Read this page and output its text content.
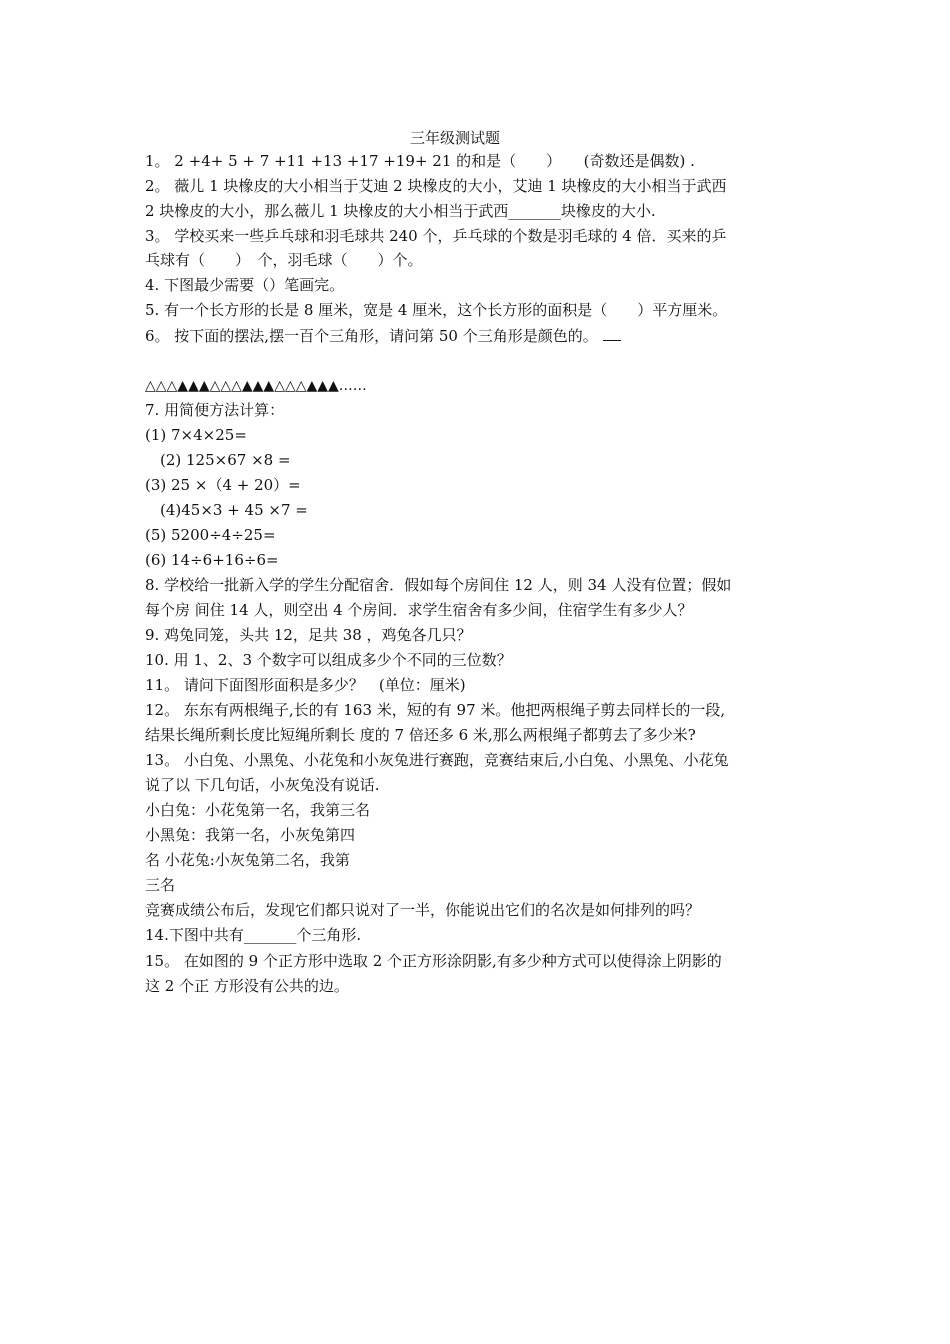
三年级测试题
1。 2 +4+ 5 + 7 +11 +13 +17 +19+ 21 的和是（　　）　　(奇数还是偶数) .
2。 薇儿 1 块橡皮的大小相当于艾迪 2 块橡皮的大小，艾迪 1 块橡皮的大小相当于武西
2 块橡皮的大小，那么薇儿 1 块橡皮的大小相当于武西_______块橡皮的大小.
3。 学校买来一些乒乓球和羽毛球共 240 个，乒乓球的个数是羽毛球的 4 倍．买来的乒
乓球有（　　）　个，羽毛球（　　）个。
4. 下图最少需要（）笔画完。
5. 有一个长方形的长是 8 厘米，宽是 4 厘米，这个长方形的面积是（　　）平方厘米。
6。 按下面的摆法,摆一百个三角形，请问第 50 个三角形是颜色的。
△△△▲▲▲△△△▲▲▲△△△▲▲▲……
7. 用简便方法计算：
(1) 7×4×25=
　(2) 125×67 ×8 =
(3) 25 ×（4 + 20）=
　(4)45×3 + 45 ×7 =
(5) 5200÷4÷25=
(6) 14÷6+16÷6=
8. 学校给一批新入学的学生分配宿舍．假如每个房间住 12 人，则 34 人没有位置；假如
每个房 间住 14 人，则空出 4 个房间．求学生宿舍有多少间，住宿学生有多少人？
9. 鸡兔同笼，头共 12，足共 38 ，鸡兔各几只？
10. 用 1、2、3 个数字可以组成多少个不同的三位数？
11。 请问下面图形面积是多少？　(单位：厘米)
12。 东东有两根绳子,长的有 163 米，短的有 97 米。他把两根绳子剪去同样长的一段,
结果长绳所剩长度比短绳所剩长 度的 7 倍还多 6 米,那么两根绳子都剪去了多少米?
13。 小白兔、小黑兔、小花兔和小灰兔进行赛跑，竞赛结束后,小白兔、小黑兔、小花兔
说了以 下几句话，小灰兔没有说话.
小白兔：小花兔第一名，我第三名
小黑兔：我第一名，小灰兔第四
名 小花兔:小灰兔第二名，我第
三名
竞赛成绩公布后，发现它们都只说对了一半，你能说出它们的名次是如何排列的吗？
14.下图中共有_______个三角形.
15。 在如图的 9 个正方形中选取 2 个正方形涂阴影,有多少种方式可以使得涂上阴影的
这 2 个正 方形没有公共的边。
